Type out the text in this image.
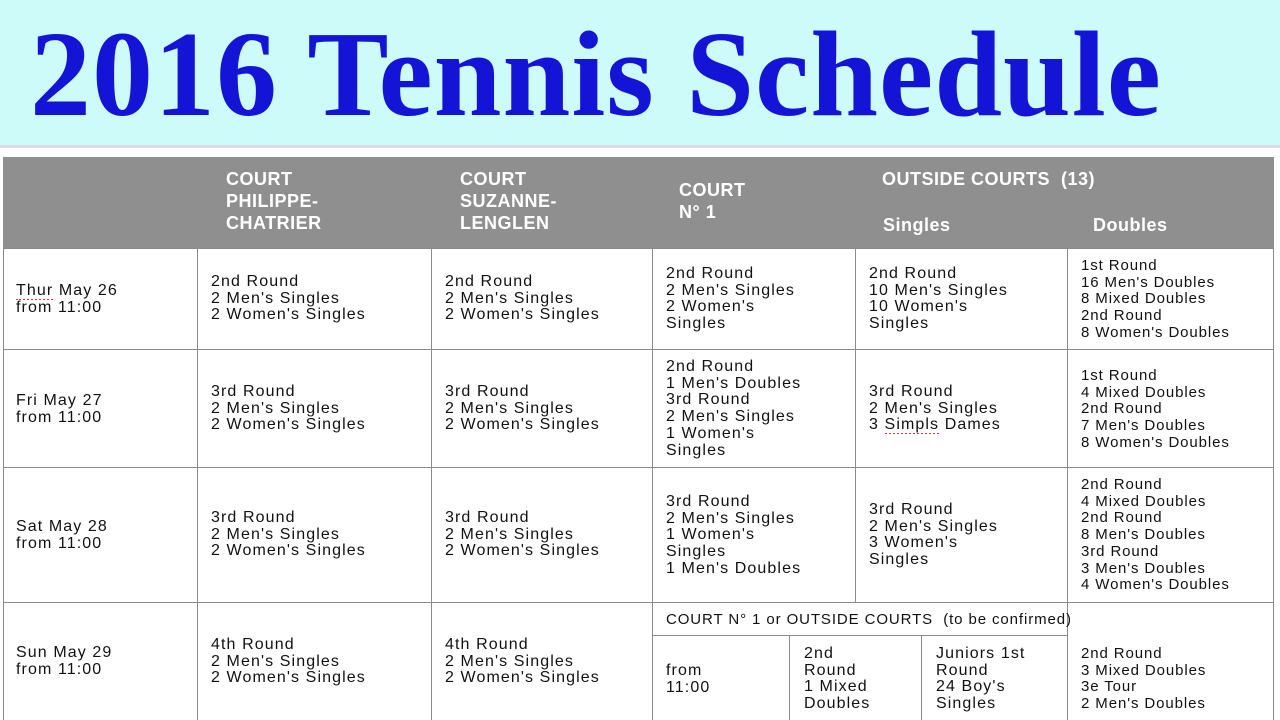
2016 Tennis Schedule
COURT
PHILIPPE-
CHATRIER
COURT
SUZANNE-
LENGLEN
COURT
N° 1
OUTSIDE COURTS  (13)
Singles	Doubles
Thur May 26
from 11:00
2nd Round
2 Men's Singles
2 Women's Singles
2nd Round
2 Men's Singles
2 Women's Singles
2nd Round
2 Men's Singles
2 Women's
Singles
2nd Round
10 Men's Singles
10 Women's
Singles
1st Round
16 Men's Doubles
8 Mixed Doubles
2nd Round
8 Women's Doubles
Fri May 27
from 11:00
3rd Round
2 Men's Singles
2 Women's Singles
3rd Round
2 Men's Singles
2 Women's Singles
2nd Round
1 Men's Doubles
3rd Round
2 Men's Singles
1 Women's
Singles
3rd Round
2 Men's Singles
3 Simpls Dames
1st Round
4 Mixed Doubles
2nd Round
7 Men's Doubles
8 Women's Doubles
Sat May 28
from 11:00
3rd Round
2 Men's Singles
2 Women's Singles
3rd Round
2 Men's Singles
2 Women's Singles
3rd Round
2 Men's Singles
1 Women's
Singles
1 Men's Doubles
3rd Round
2 Men's Singles
3 Women's
Singles
2nd Round
4 Mixed Doubles
2nd Round
8 Men's Doubles
3rd Round
3 Men's Doubles
4 Women's Doubles
Sun May 29
from 11:00
4th Round
2 Men's Singles
2 Women's Singles
4th Round
2 Men's Singles
2 Women's Singles
COURT N° 1 or OUTSIDE COURTS  (to be confirmed)
from
11:00
2nd
Round
1 Mixed
Doubles
Juniors 1st
Round
24 Boy's
Singles
2nd Round
3 Mixed Doubles
3e Tour
2 Men's Doubles
